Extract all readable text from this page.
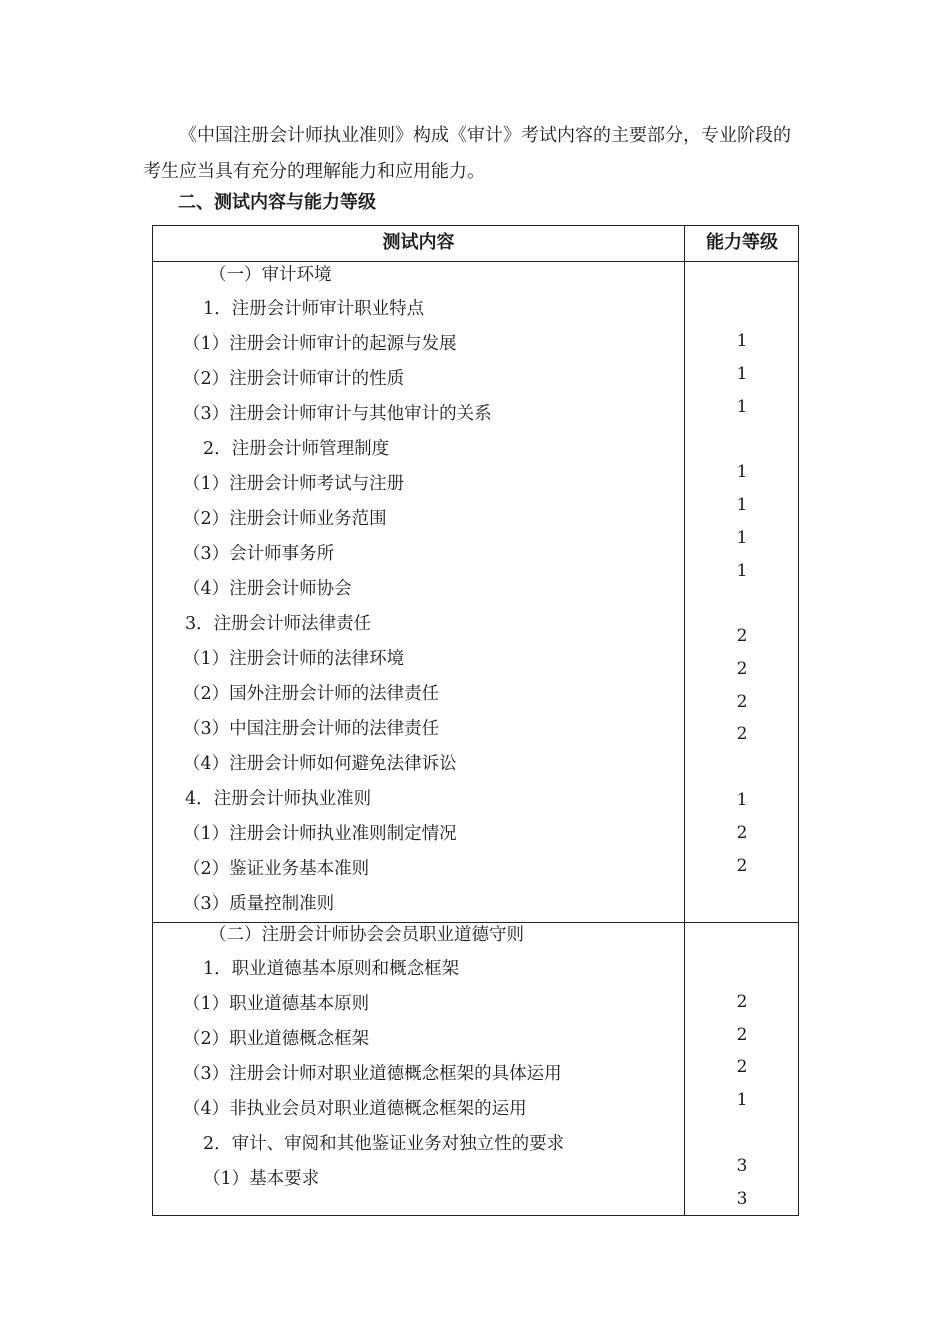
《中国注册会计师执业准则》构成《审计》考试内容的主要部分，专业阶段的考生应当具有充分的理解能力和应用能力。

二、测试内容与能力等级

测试内容	能力等级
（一）审计环境
1．注册会计师审计职业特点
（1）注册会计师审计的起源与发展
（2）注册会计师审计的性质
（3）注册会计师审计与其他审计的关系
2．注册会计师管理制度
（1）注册会计师考试与注册
（2）注册会计师业务范围
（3）会计师事务所
（4）注册会计师协会
3．注册会计师法律责任
（1）注册会计师的法律环境
（2）国外注册会计师的法律责任
（3）中国注册会计师的法律责任
（4）注册会计师如何避免法律诉讼
4．注册会计师执业准则
（1）注册会计师执业准则制定情况
（2）鉴证业务基本准则
（3）质量控制准则
1
1
1
1
1
1
1
2
2
2
2
1
2
2
（二）注册会计师协会会员职业道德守则
1．职业道德基本原则和概念框架
（1）职业道德基本原则
（2）职业道德概念框架
（3）注册会计师对职业道德概念框架的具体运用
（4）非执业会员对职业道德概念框架的运用
2．审计、审阅和其他鉴证业务对独立性的要求
（1）基本要求
2
2
2
1
3
3
